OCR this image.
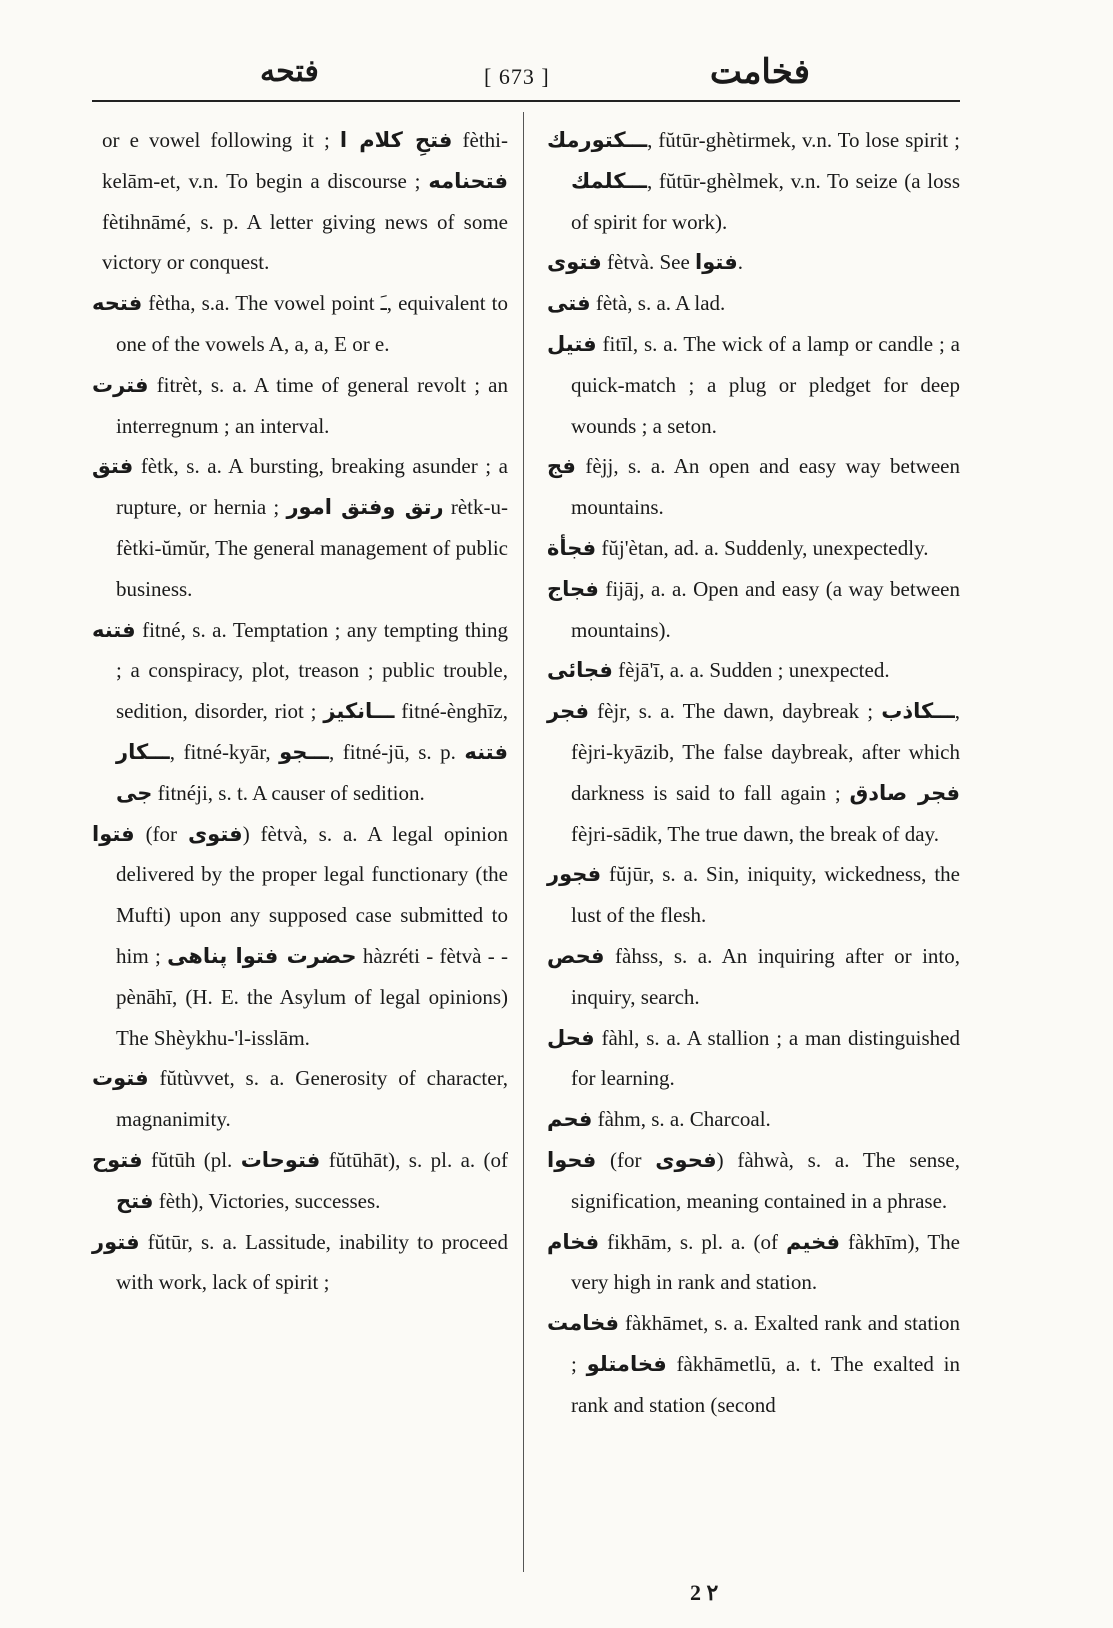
فتحه	[ 673 ]	فخامت

or e vowel following it ; فتحِ كلام ا fèthi-kelām-et, v.n. To begin a discourse ; فتحنامه fètihnāmé, s. p. A letter giving news of some victory or conquest.

فتحه fètha, s.a. The vowel point ـَ, equivalent to one of the vowels A, a, a, E or e.

فترت fitrèt, s. a. A time of general revolt ; an interregnum ; an interval.

فتق fètk, s. a. A bursting, breaking asunder ; a rupture, or hernia ; رتق وفتق امور rètk-u-fètki-ŭmŭr, The general management of public business.

فتنه fitné, s. a. Temptation ; any tempting thing ; a conspiracy, plot, treason ; public trouble, sedition, disorder, riot ; ـــانكيز fitné-ènghīz, ـــكار, fitné-kyār, ـــجو, fitné-jū, s. p. فتنه جى fitnéji, s. t. A causer of sedition.

فتوا (for فتوى) fètvà, s. a. A legal opinion delivered by the proper legal functionary (the Mufti) upon any supposed case submitted to him ; حضرت فتوا پناهى hàzréti - fètvà - -pènāhī, (H. E. the Asylum of legal opinions) The Shèykhu-'l-isslām.

فتوت fŭtùvvet, s. a. Generosity of character, magnanimity.

فتوح fŭtūh (pl. فتوحات fŭtūhāt), s. pl. a. (of فتح fèth), Victories, successes.

فتور fŭtūr, s. a. Lassitude, inability to proceed with work, lack of spirit ;

ـــكتورمك, fŭtūr-ghètirmek, v.n. To lose spirit ; ـــكلمك, fŭtūr-ghèlmek, v.n. To seize (a loss of spirit for work).

فتوى fètvà. See فتوا.

فتى fètà, s. a. A lad.

فتيل fitīl, s. a. The wick of a lamp or candle ; a quick-match ; a plug or pledget for deep wounds ; a seton.

فج fèjj, s. a. An open and easy way between mountains.

فجأة fŭj'ètan, ad. a. Suddenly, unexpectedly.

فجاج fijāj, a. a. Open and easy (a way between mountains).

فجائى fèjā'ī, a. a. Sudden ; unexpected.

فجر fèjr, s. a. The dawn, daybreak ; ـــكاذب, fèjri-kyāzib, The false daybreak, after which darkness is said to fall again ; فجر صادق fèjri-sādik, The true dawn, the break of day.

فجور fŭjūr, s. a. Sin, iniquity, wickedness, the lust of the flesh.

فحص fàhss, s. a. An inquiring after or into, inquiry, search.

فحل fàhl, s. a. A stallion ; a man distinguished for learning.

فحم fàhm, s. a. Charcoal.

فحوا (for فحوى) fàhwà, s. a. The sense, signification, meaning contained in a phrase.

فخام fikhām, s. pl. a. (of فخيم fàkhīm), The very high in rank and station.

فخامت fàkhāmet, s. a. Exalted rank and station ; فخامتلو fàkhāmetlū, a. t. The exalted in rank and station (second

2 ٢
